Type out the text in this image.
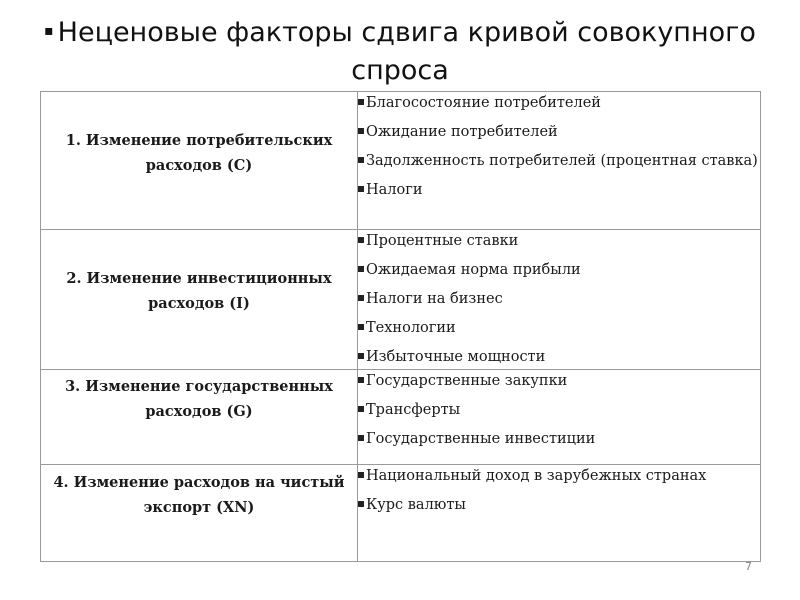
▪ Неценовые факторы сдвига кривой совокупного спроса
1. Изменение потребительских расходов (C)	Благосостояние потребителей
Ожидание потребителей
Задолженность потребителей (процентная ставка)
Налоги

2. Изменение инвестиционных расходов (I)	Процентные ставки
Ожидаемая норма прибыли
Налоги на бизнес
Технологии
Избыточные мощности

3. Изменение государственных расходов (G)	Государственные закупки
Трансферты
Государственные инвестиции

4. Изменение расходов на чистый экспорт (XN)	Национальный доход в зарубежных странах
Курс валюты
7
